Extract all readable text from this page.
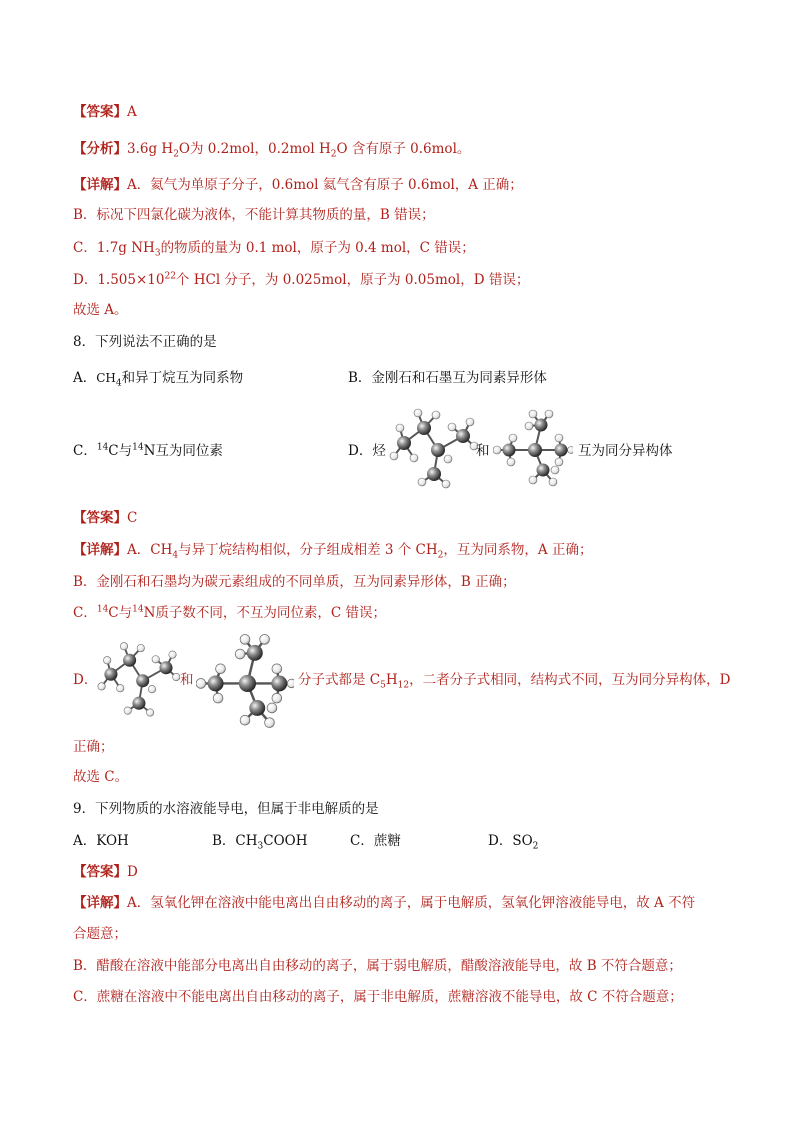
【答案】A
【分析】3.6g $H_2O$为 0.2mol，0.2mol $H_2O$ 含有原子 0.6mol。
【详解】A．氦气为单原子分子，0.6mol 氦气含有原子 0.6mol，A 正确；
B．标况下四氯化碳为液体，不能计算其物质的量，B 错误；
C．1.7g $NH_3$的物质的量为 0.1 mol，原子为 0.4 mol，C 错误；
D．$1.505\times 10^{22}$个 HCl 分子，为 0.025mol，原子为 0.05mol，D 错误；
故选 A。
8．下列说法不正确的是
A．$CH_4$和异丁烷互为同系物	B．金刚石和石墨互为同素异形体
C．$^{14}$C与$^{14}$N互为同位素	D．烃	和	互为同分异构体
【答案】C
【详解】A．$CH_4$与异丁烷结构相似，分子组成相差 3 个 $CH_2$，互为同系物，A 正确；
B．金刚石和石墨均为碳元素组成的不同单质，互为同素异形体，B 正确；
C．$^{14}$C与$^{14}$N质子数不同，不互为同位素，C 错误；
D．	和	分子式都是 $C_5H_{12}$，二者分子式相同，结构式不同，互为同分异构体，D
正确；
故选 C。
9．下列物质的水溶液能导电，但属于非电解质的是
A．KOH	B．$CH_3COOH$	C．蔗糖	D．$SO_2$
【答案】D
【详解】A．氢氧化钾在溶液中能电离出自由移动的离子，属于电解质，氢氧化钾溶液能导电，故 A 不符
合题意；
B．醋酸在溶液中能部分电离出自由移动的离子，属于弱电解质，醋酸溶液能导电，故 B 不符合题意；
C．蔗糖在溶液中不能电离出自由移动的离子，属于非电解质，蔗糖溶液不能导电，故 C 不符合题意；
